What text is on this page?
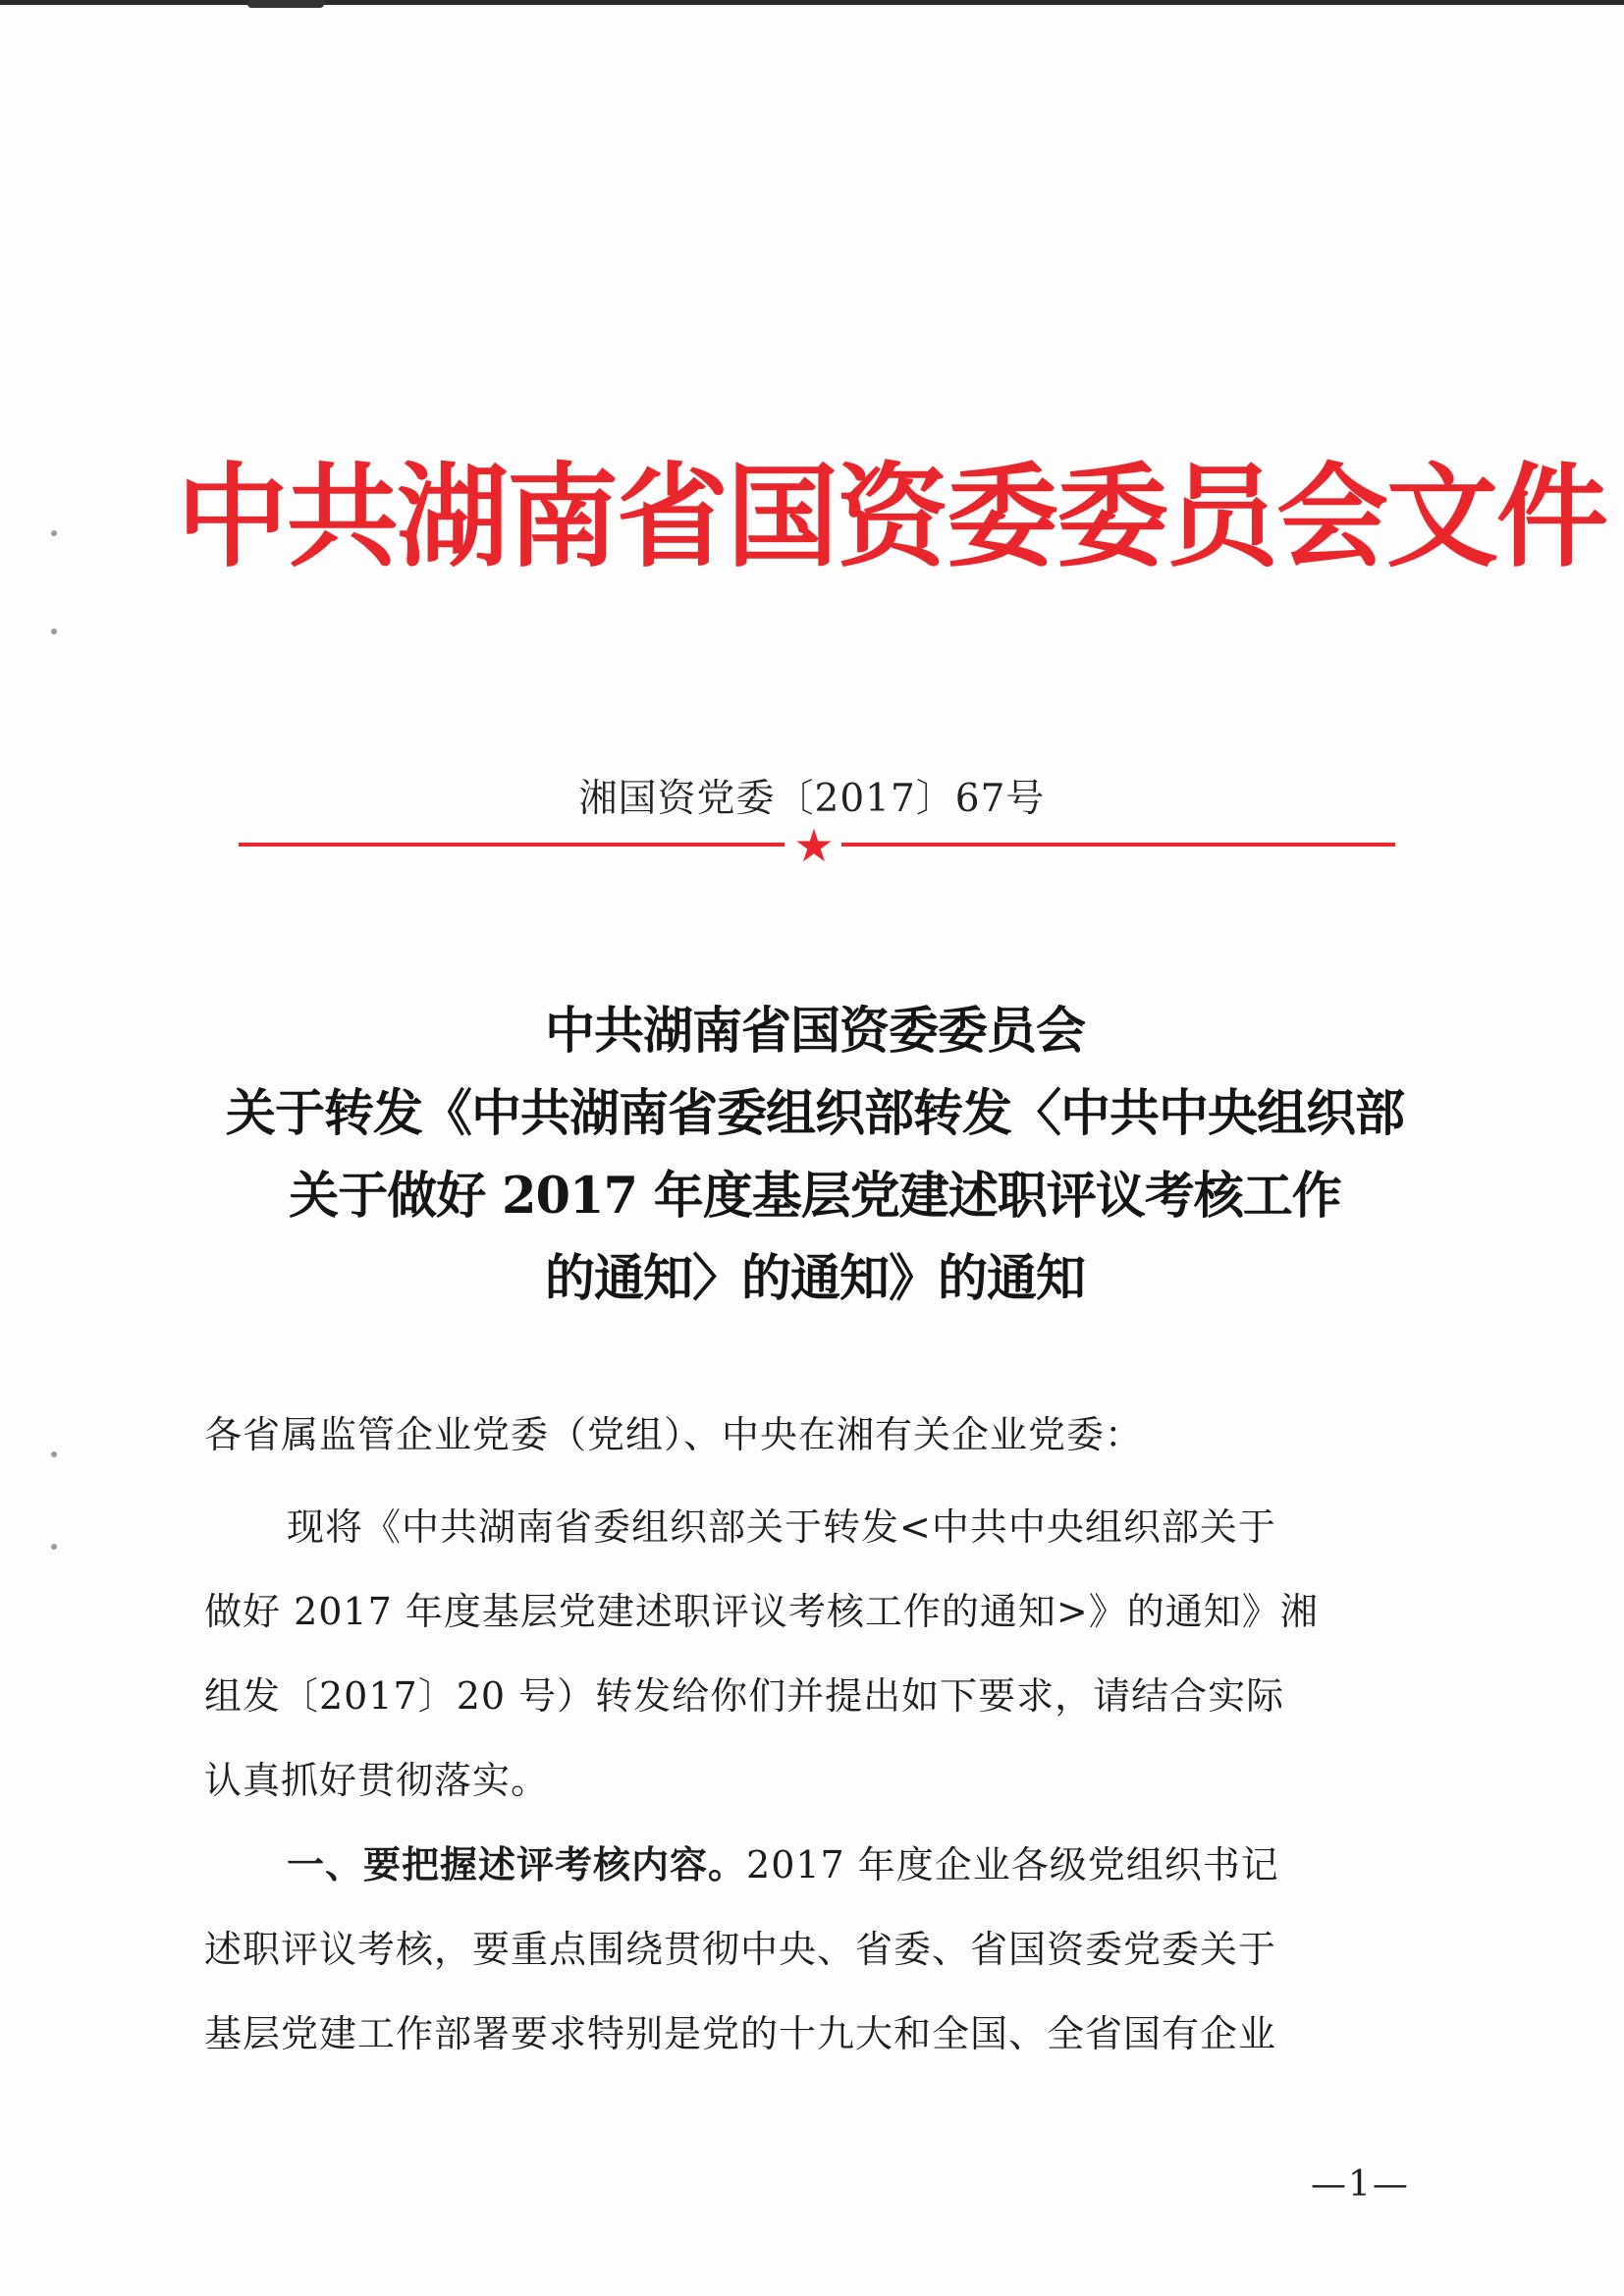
中共湖南省国资委委员会文件
湘国资党委〔2017〕67号
★
中共湖南省国资委委员会
关于转发《中共湖南省委组织部转发〈中共中央组织部
关于做好 2017 年度基层党建述职评议考核工作
的通知〉的通知》的通知
各省属监管企业党委（党组）、中央在湘有关企业党委：
现将《中共湖南省委组织部关于转发<中共中央组织部关于
做好 2017 年度基层党建述职评议考核工作的通知>》的通知》湘
组发〔2017〕20 号）转发给你们并提出如下要求，请结合实际
认真抓好贯彻落实。
一、要把握述评考核内容。2017 年度企业各级党组织书记
述职评议考核，要重点围绕贯彻中央、省委、省国资委党委关于
基层党建工作部署要求特别是党的十九大和全国、全省国有企业
—1—
